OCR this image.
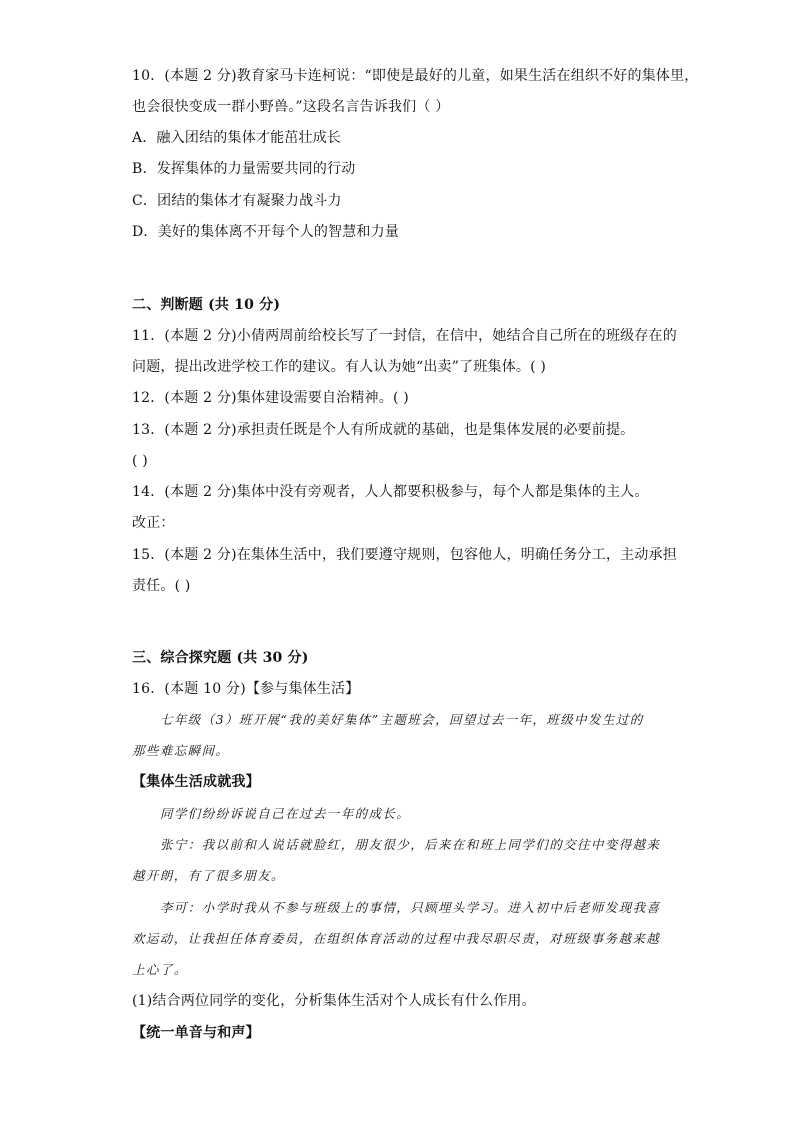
10．(本题 2 分)教育家马卡连柯说：“即使是最好的儿童，如果生活在组织不好的集体里，
也会很快变成一群小野兽。”这段名言告诉我们（ ）
A．融入团结的集体才能茁壮成长
B．发挥集体的力量需要共同的行动
C．团结的集体才有凝聚力战斗力
D．美好的集体离不开每个人的智慧和力量
二、判断题 (共 10 分)
11．(本题 2 分)小倩两周前给校长写了一封信，在信中，她结合自己所在的班级存在的
问题，提出改进学校工作的建议。有人认为她“出卖”了班集体。( )
12．(本题 2 分)集体建设需要自治精神。( )
13．(本题 2 分)承担责任既是个人有所成就的基础，也是集体发展的必要前提。
( )
14．(本题 2 分)集体中没有旁观者，人人都要积极参与，每个人都是集体的主人。
改正：
15．(本题 2 分)在集体生活中，我们要遵守规则，包容他人，明确任务分工，主动承担
责任。( )
三、综合探究题 (共 30 分)
16．(本题 10 分)【参与集体生活】
七年级（3）班开展“我的美好集体”主题班会，回望过去一年，班级中发生过的
那些难忘瞬间。
【集体生活成就我】
同学们纷纷诉说自己在过去一年的成长。
张宁：我以前和人说话就脸红，朋友很少，后来在和班上同学们的交往中变得越来
越开朗，有了很多朋友。
李可：小学时我从不参与班级上的事情，只顾埋头学习。进入初中后老师发现我喜
欢运动，让我担任体育委员，在组织体育活动的过程中我尽职尽责，对班级事务越来越
上心了。
(1)结合两位同学的变化，分析集体生活对个人成长有什么作用。
【统一单音与和声】
